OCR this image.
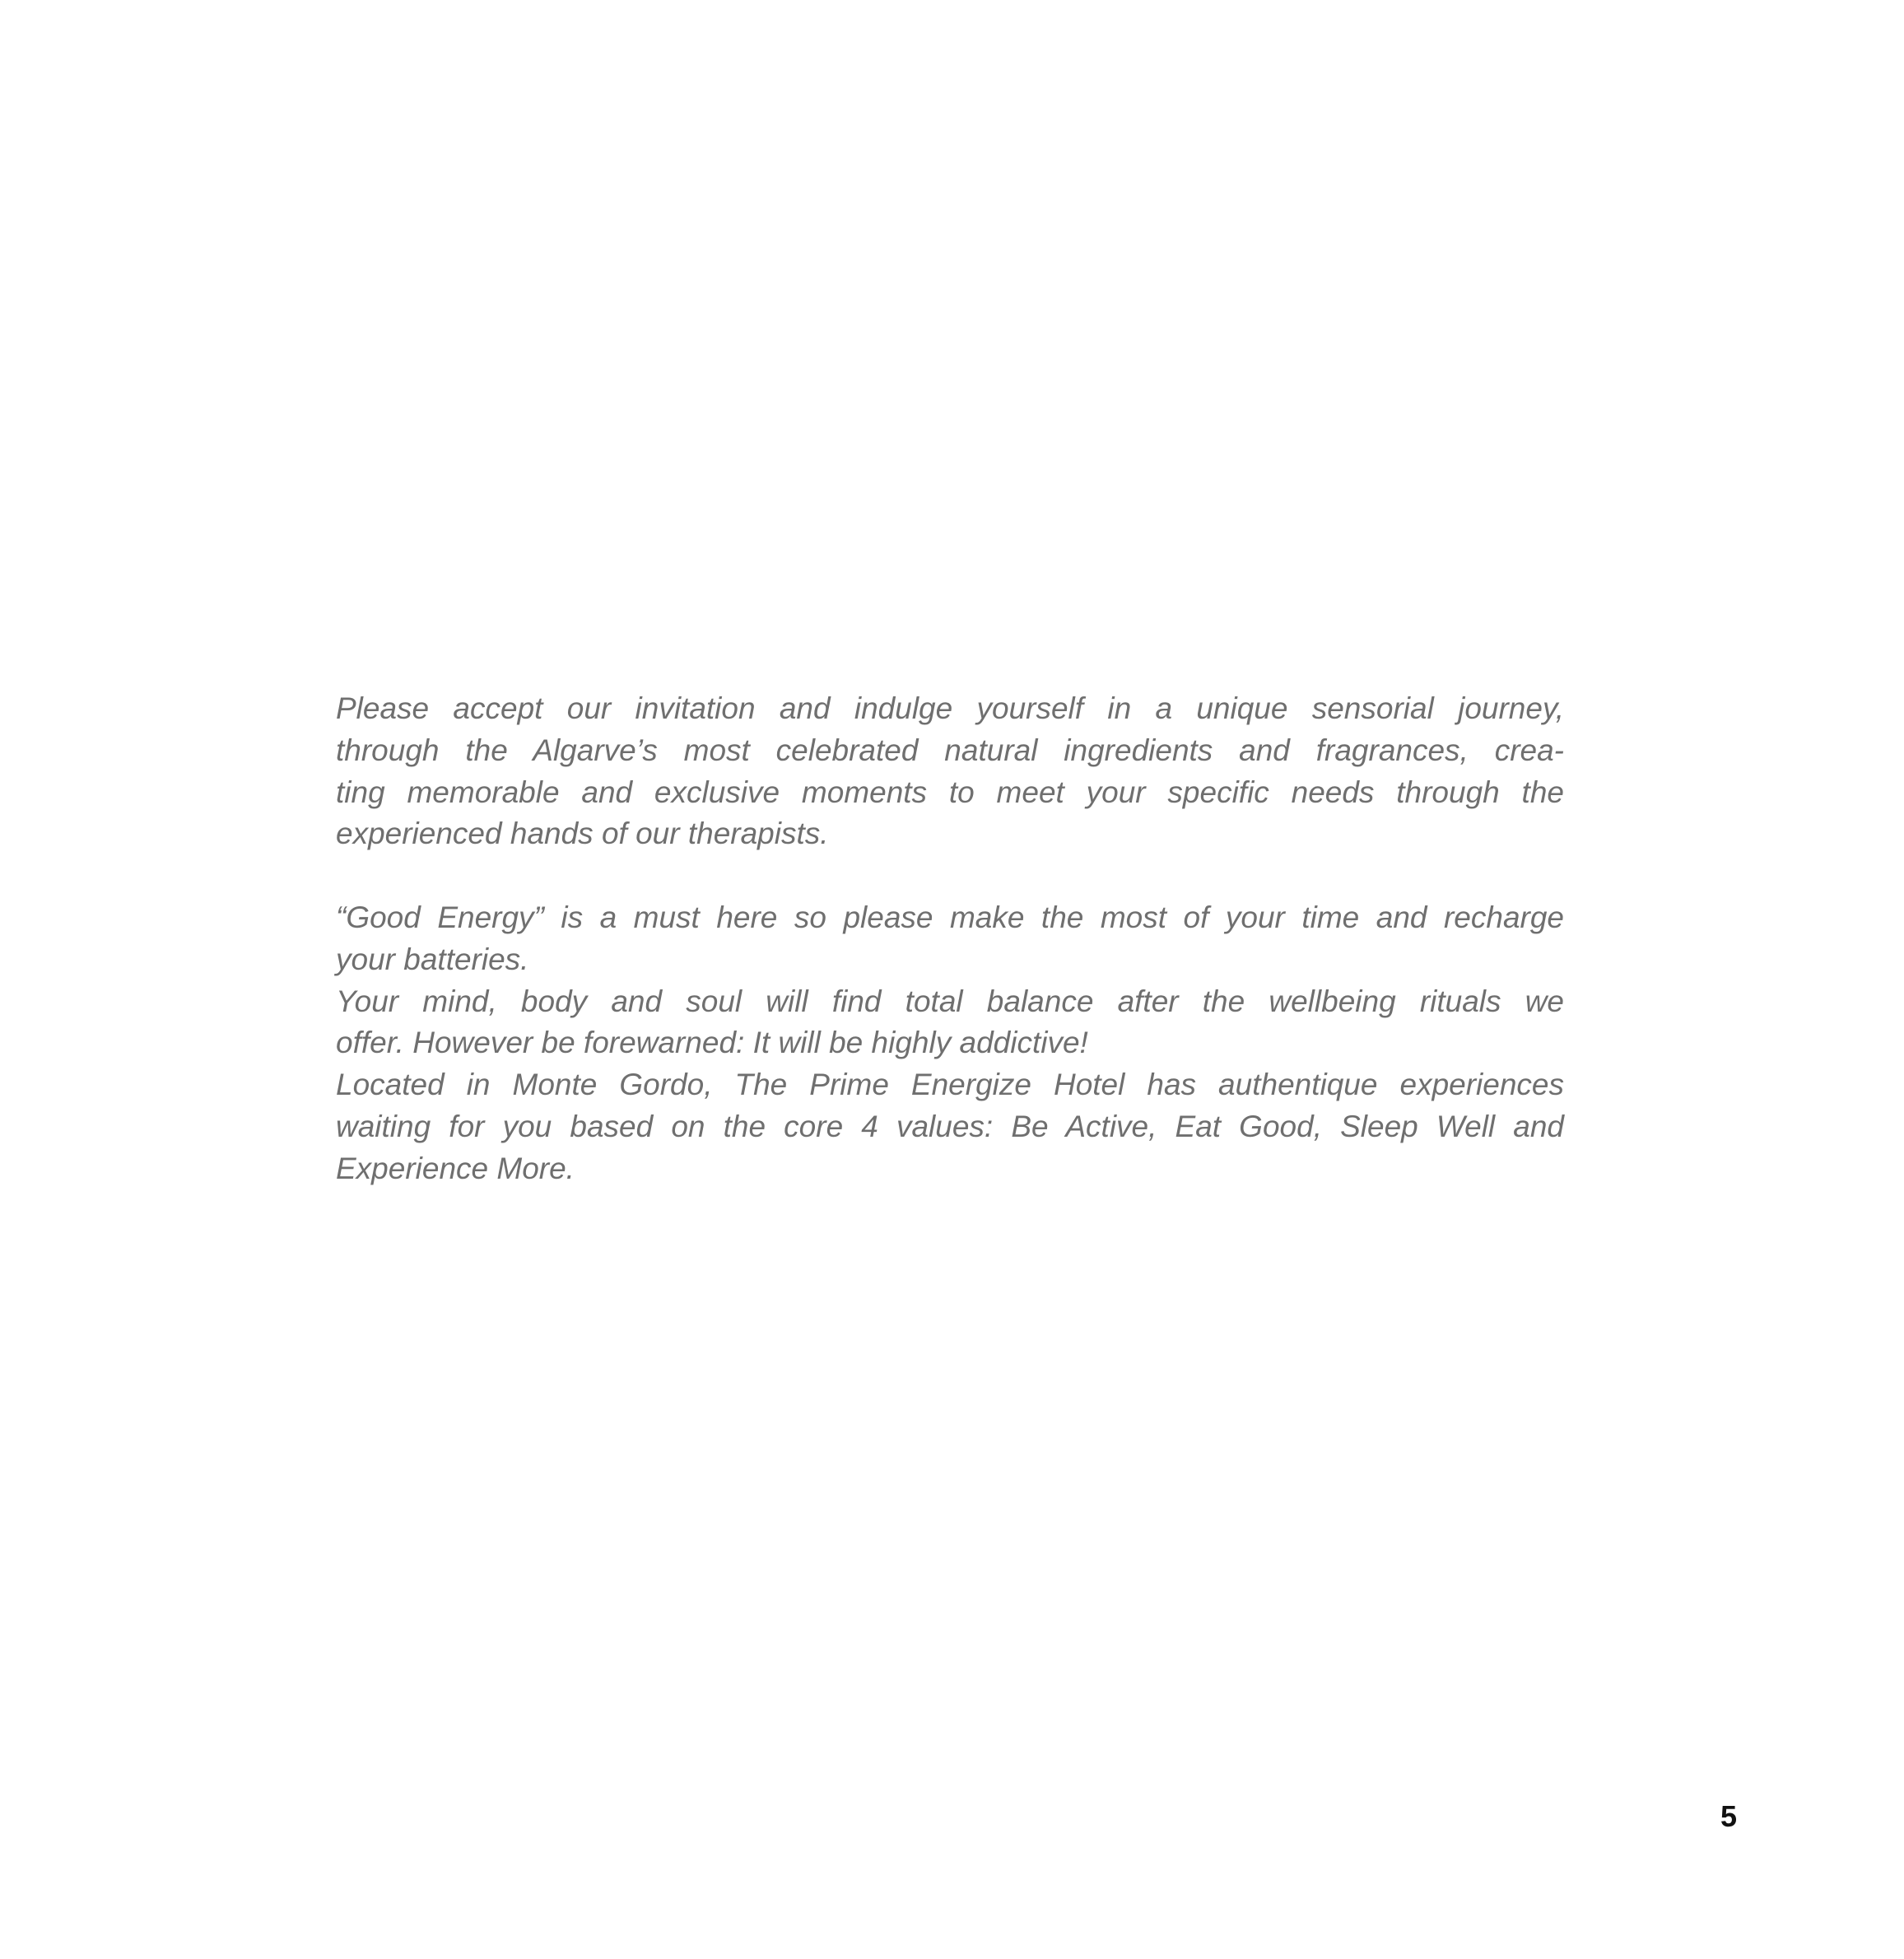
Please accept our invitation and indulge yourself in a unique sensorial journey,
through the Algarve’s most celebrated natural ingredients and fragrances, crea-
ting memorable and exclusive moments to meet your specific needs through the
experienced hands of our therapists.
“Good Energy” is a must here so please make the most of your time and recharge
your batteries.
Your mind, body and soul will find total balance after the wellbeing rituals we
offer. However be forewarned: It will be highly addictive!
Located in Monte Gordo, The Prime Energize Hotel has authentique experiences
waiting for you based on the core 4 values: Be Active, Eat Good, Sleep Well and
Experience More.
5
